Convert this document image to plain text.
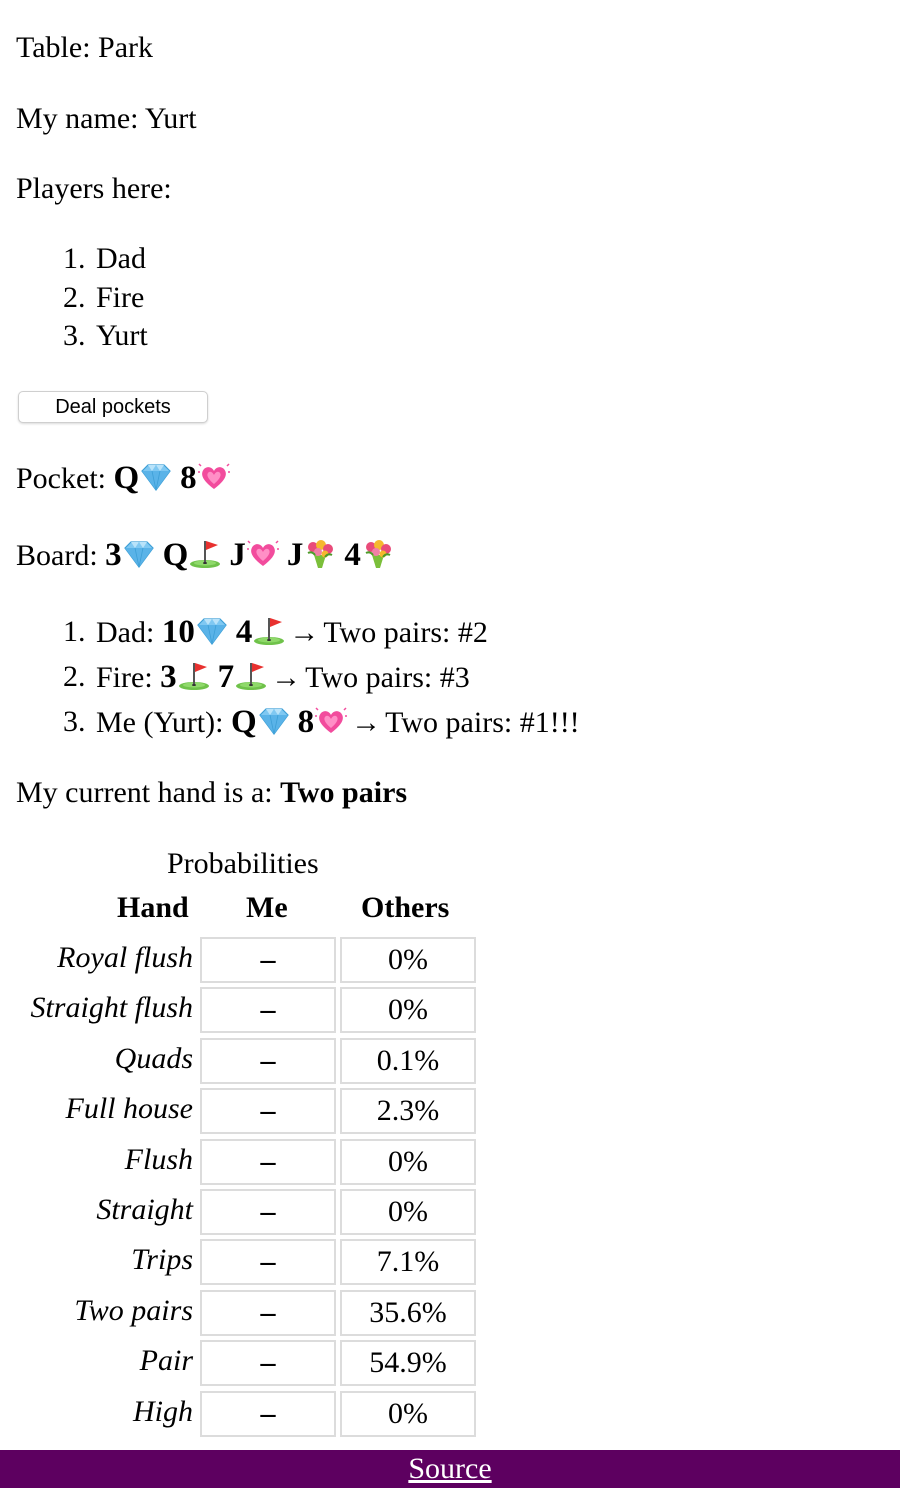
Table: Park

My name: Yurt

Players here:

1. Dad
2. Fire
3. Yurt
Deal pockets

Pocket: Q 8

Board: 3 Q J J 4

1. Dad: 10 4 → Two pairs: #2
2. Fire: 3 7 → Two pairs: #3
3. Me (Yurt): Q 8 → Two pairs: #1!!!

My current hand is a: Two pairs

Probabilities
Hand Me Others
Royal flush	–	0%
Straight flush	–	0%
Quads	–	0.1%
Full house	–	2.3%
Flush	–	0%
Straight	–	0%
Trips	–	7.1%
Two pairs	–	35.6%
Pair	–	54.9%
High	–	0%
Source
